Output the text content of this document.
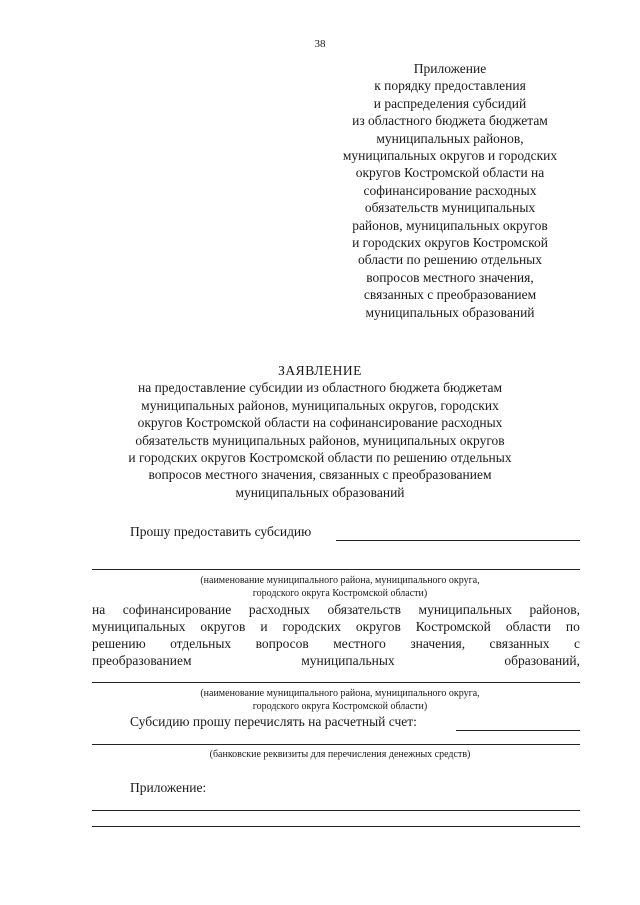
38
Приложение
к порядку предоставления
и распределения субсидий
из областного бюджета бюджетам
муниципальных районов,
муниципальных округов и городских
округов Костромской области на
софинансирование расходных
обязательств муниципальных
районов, муниципальных округов
и городских округов Костромской
области по решению отдельных
вопросов местного значения,
связанных с преобразованием
муниципальных образований
ЗАЯВЛЕНИЕ
на предоставление субсидии из областного бюджета бюджетам
муниципальных районов, муниципальных округов, городских
округов Костромской области на софинансирование расходных
обязательств муниципальных районов, муниципальных округов
и городских округов Костромской области по решению отдельных
вопросов местного значения, связанных с преобразованием
муниципальных образований
Прошу предоставить субсидию
(наименование муниципального района, муниципального округа,
городского округа Костромской области)
на софинансирование расходных обязательств муниципальных районов,
муниципальных округов и городских округов Костромской области по
решению отдельных вопросов местного значения, связанных с
преобразованием	муниципальных	образований,
(наименование муниципального района, муниципального округа,
городского округа Костромской области)
Субсидию прошу перечислять на расчетный счет:
(банковские реквизиты для перечисления денежных средств)
Приложение:
